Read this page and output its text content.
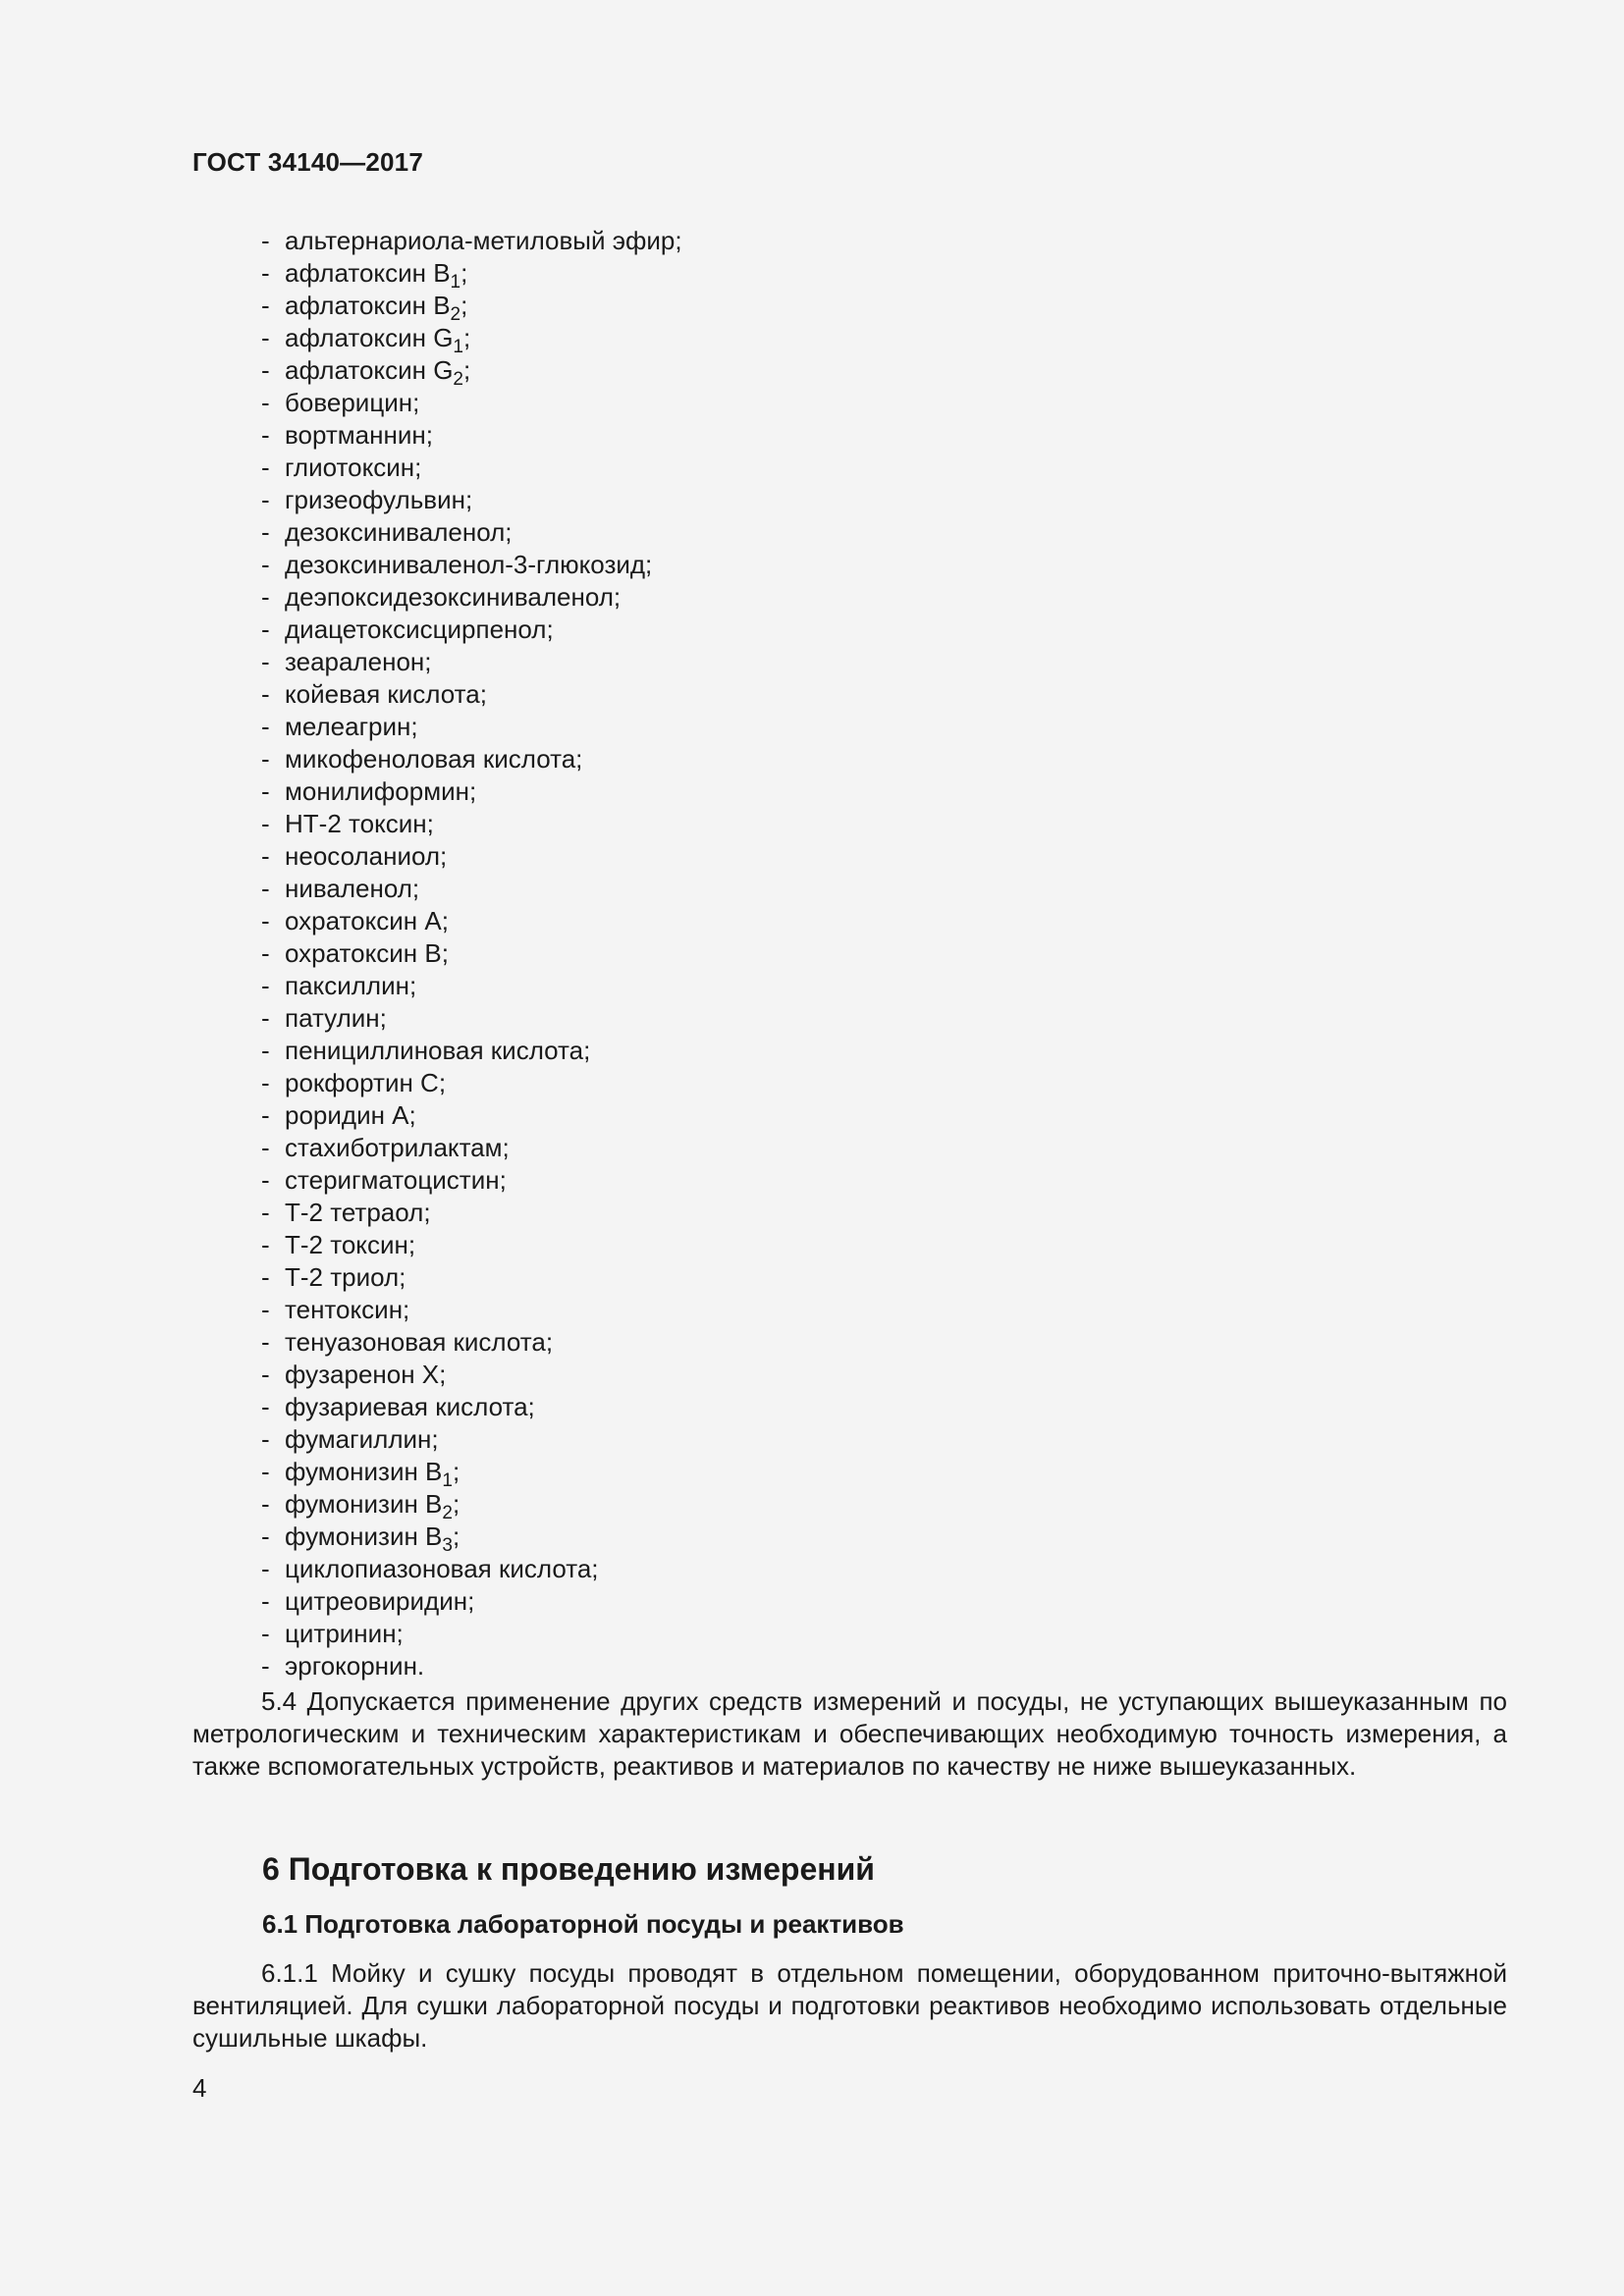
ГОСТ 34140—2017
- альтернариола-метиловый эфир;
- афлатоксин $B_1$;
- афлатоксин $B_2$;
- афлатоксин $G_1$;
- афлатоксин $G_2$;
- боверицин;
- вортманнин;
- глиотоксин;
- гризеофульвин;
- дезоксиниваленол;
- дезоксиниваленол-3-глюкозид;
- деэпоксидезоксиниваленол;
- диацетоксисцирпенол;
- зеараленон;
- койевая кислота;
- мелеагрин;
- микофеноловая кислота;
- монилиформин;
- НТ-2 токсин;
- неосоланиол;
- ниваленол;
- охратоксин А;
- охратоксин В;
- паксиллин;
- патулин;
- пенициллиновая кислота;
- рокфортин С;
- роридин А;
- стахиботрилактам;
- стеригматоцистин;
- Т-2 тетраол;
- Т-2 токсин;
- Т-2 триол;
- тентоксин;
- тенуазоновая кислота;
- фузаренон Х;
- фузариевая кислота;
- фумагиллин;
- фумонизин $B_1$;
- фумонизин $B_2$;
- фумонизин $B_3$;
- циклопиазоновая кислота;
- цитреовиридин;
- цитринин;
- эргокорнин.

5.4 Допускается применение других средств измерений и посуды, не уступающих вышеуказанным по метрологическим и техническим характеристикам и обеспечивающих необходимую точность измерения, а также вспомогательных устройств, реактивов и материалов по качеству не ниже вышеуказанных.

6 Подготовка к проведению измерений
6.1 Подготовка лабораторной посуды и реактивов

6.1.1 Мойку и сушку посуды проводят в отдельном помещении, оборудованном приточно-вытяжной вентиляцией. Для сушки лабораторной посуды и подготовки реактивов необходимо использовать отдельные сушильные шкафы.

4
